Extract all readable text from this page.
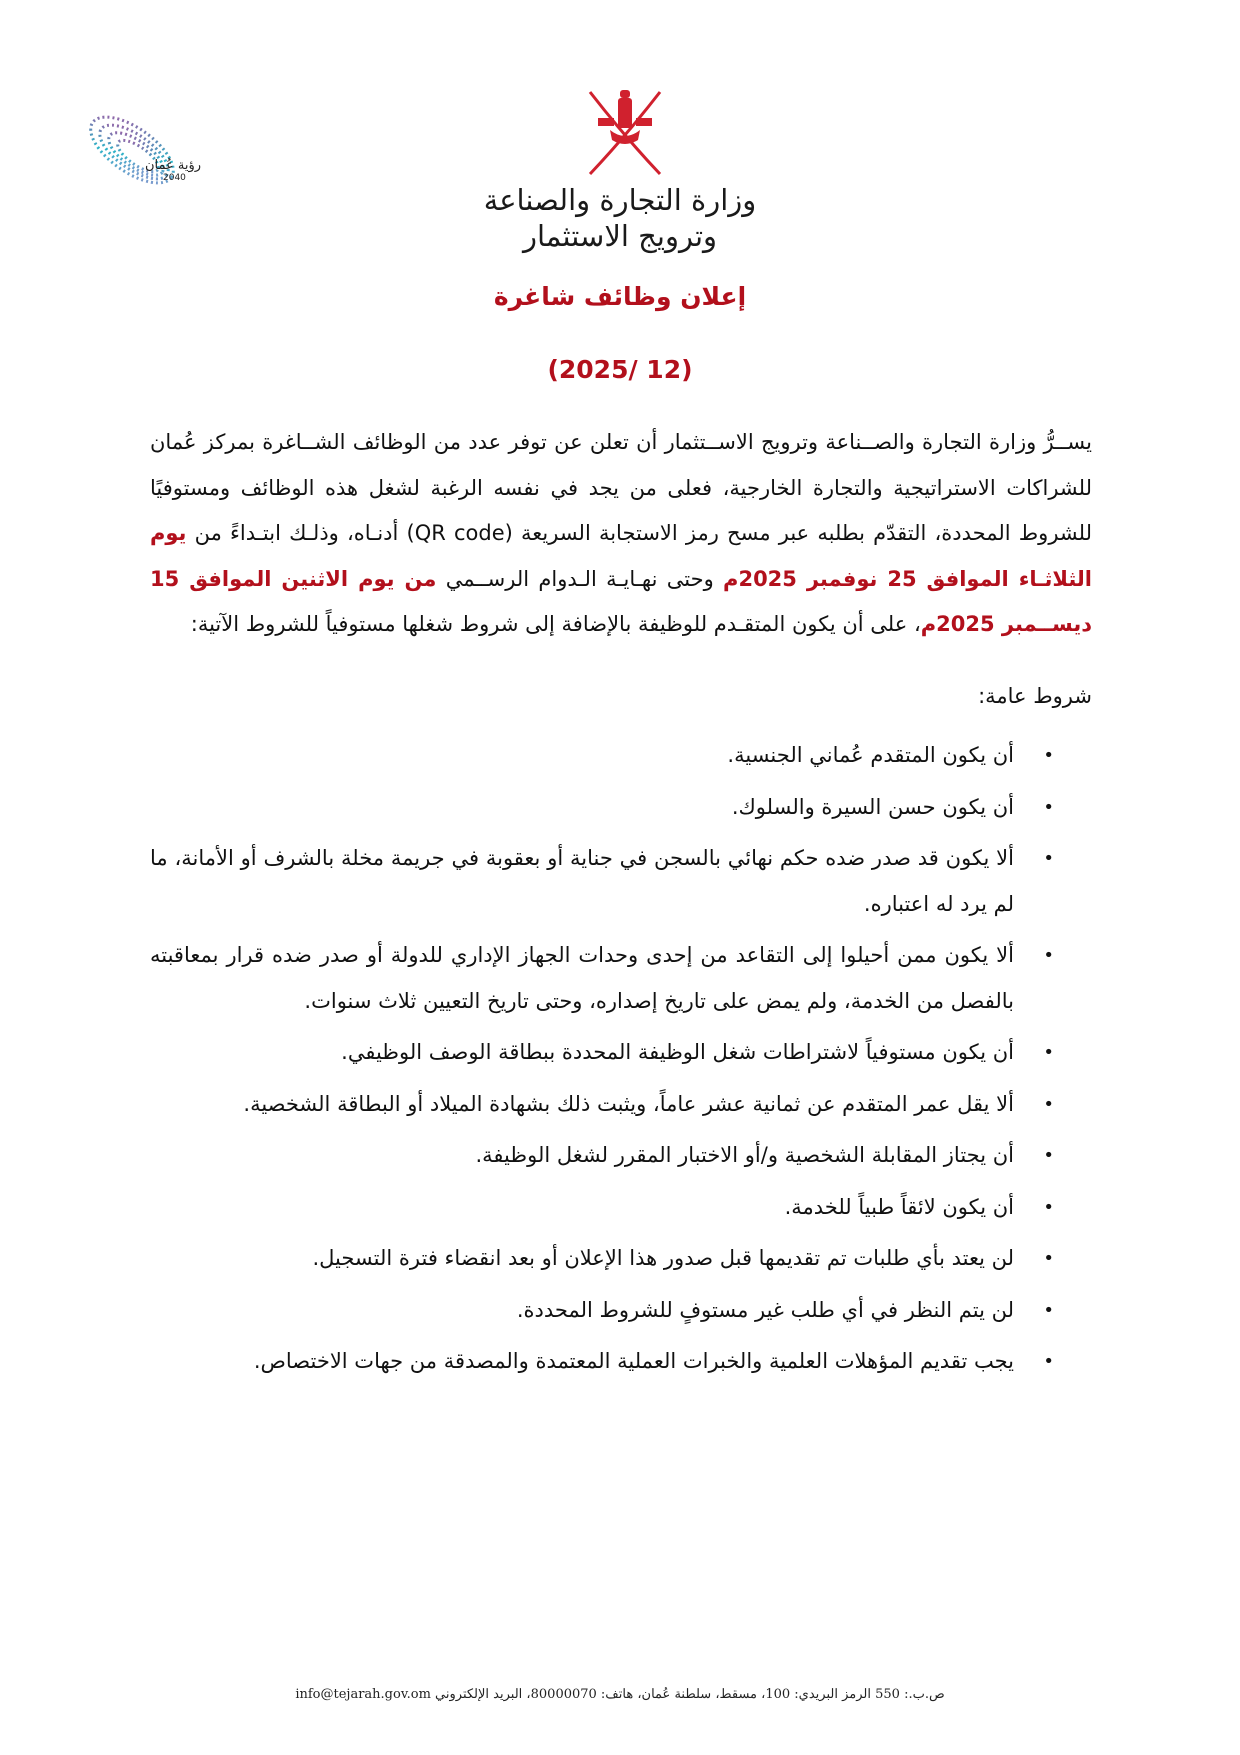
رؤية عُمان
2040
وزارة التجارة والصناعة
وترويج الاستثمار
إعلان وظائف شاغرة
(2025/ 12)

يســرُّ وزارة التجارة والصــناعة وترويج الاســتثمار أن تعلن عن توفر عدد من الوظائف الشــاغرة بمركز عُمان للشراكات الاستراتيجية والتجارة الخارجية، فعلى من يجد في نفسه الرغبة لشغل هذه الوظائف ومستوفيًا للشروط المحددة، التقدّم بطلبه عبر مسح رمز الاستجابة السريعة (QR code) أدنـاه، وذلـك ابتـداءً من يوم الثلاثـاء الموافق 25 نوفمبر 2025م وحتى نهـايـة الـدوام الرســمي من يوم الاثنين الموافق 15 ديســمبر 2025م، على أن يكون المتقـدم للوظيفة بالإضافة إلى شروط شغلها مستوفياً للشروط الآتية:

شروط عامة:

•
أن يكون المتقدم عُماني الجنسية.
•
أن يكون حسن السيرة والسلوك.
•
ألا يكون قد صدر ضده حكم نهائي بالسجن في جناية أو بعقوبة في جريمة مخلة بالشرف أو الأمانة، ما لم يرد له اعتباره.
•
ألا يكون ممن أحيلوا إلى التقاعد من إحدى وحدات الجهاز الإداري للدولة أو صدر ضده قرار بمعاقبته بالفصل من الخدمة، ولم يمض على تاريخ إصداره، وحتى تاريخ التعيين ثلاث سنوات.
•
أن يكون مستوفياً لاشتراطات شغل الوظيفة المحددة ببطاقة الوصف الوظيفي.
•
ألا يقل عمر المتقدم عن ثمانية عشر عاماً، ويثبت ذلك بشهادة الميلاد أو البطاقة الشخصية.
•
أن يجتاز المقابلة الشخصية و/أو الاختبار المقرر لشغل الوظيفة.
•
أن يكون لائقاً طبياً للخدمة.
•
لن يعتد بأي طلبات تم تقديمها قبل صدور هذا الإعلان أو بعد انقضاء فترة التسجيل.
•
لن يتم النظر في أي طلب غير مستوفٍ للشروط المحددة.
•
يجب تقديم المؤهلات العلمية والخبرات العملية المعتمدة والمصدقة من جهات الاختصاص.
ص.ب.: 550 الرمز البريدي: 100، مسقط، سلطنة عُمان، هاتف: 80000070، البريد الإلكتروني info@tejarah.gov.om
